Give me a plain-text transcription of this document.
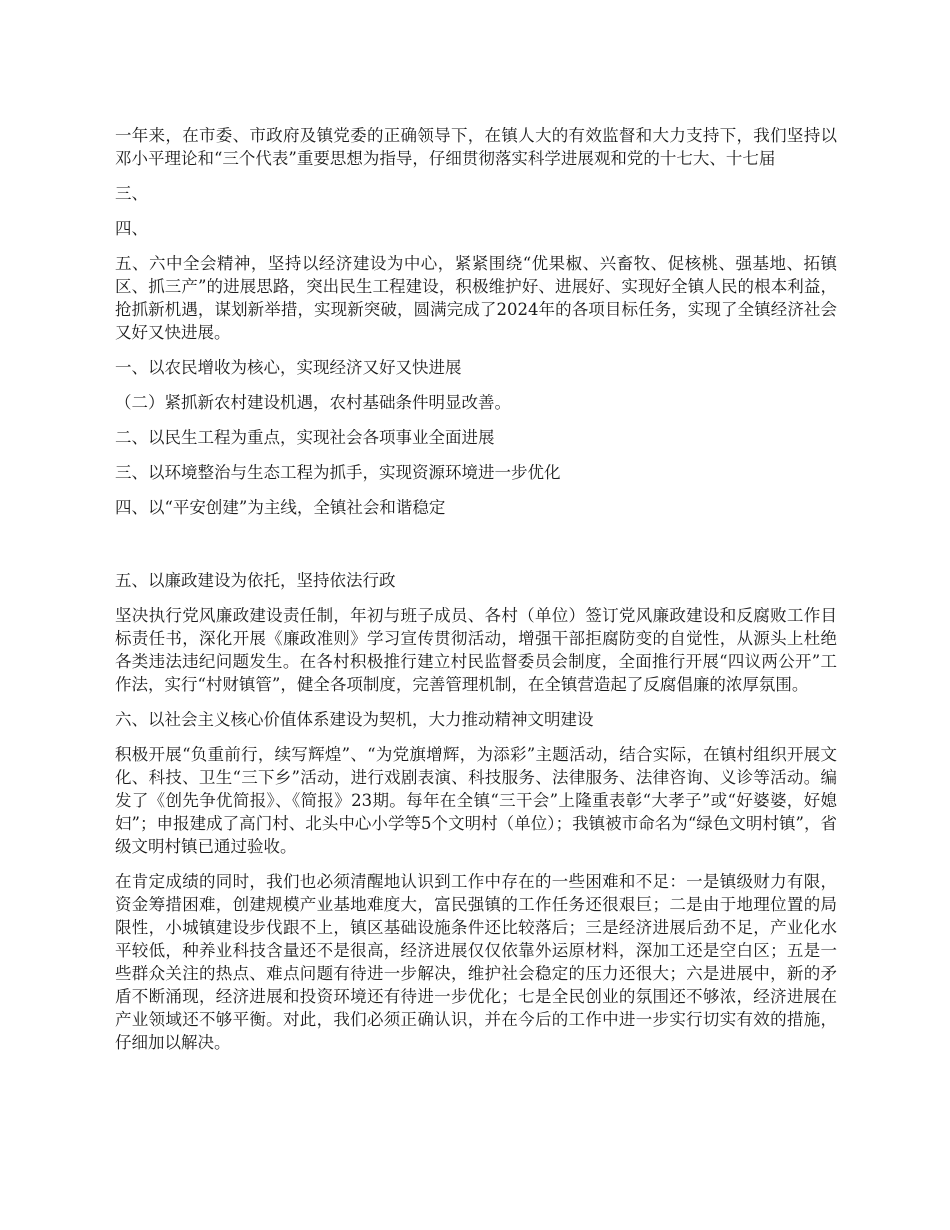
一年来，在市委、市政府及镇党委的正确领导下，在镇人大的有效监督和大力支持下，我们坚持以邓小平理论和“三个代表”重要思想为指导，仔细贯彻落实科学进展观和党的十七大、十七届

三、

四、

五、六中全会精神，坚持以经济建设为中心，紧紧围绕“优果椒、兴畜牧、促核桃、强基地、拓镇区、抓三产”的进展思路，突出民生工程建设，积极维护好、进展好、实现好全镇人民的根本利益，抢抓新机遇，谋划新举措，实现新突破，圆满完成了2024年的各项目标任务，实现了全镇经济社会又好又快进展。

一、以农民增收为核心，实现经济又好又快进展

（二）紧抓新农村建设机遇，农村基础条件明显改善。

二、以民生工程为重点，实现社会各项事业全面进展

三、以环境整治与生态工程为抓手，实现资源环境进一步优化

四、以“平安创建”为主线，全镇社会和谐稳定

五、以廉政建设为依托，坚持依法行政

坚决执行党风廉政建设责任制，年初与班子成员、各村（单位）签订党风廉政建设和反腐败工作目标责任书，深化开展《廉政准则》学习宣传贯彻活动，增强干部拒腐防变的自觉性，从源头上杜绝各类违法违纪问题发生。在各村积极推行建立村民监督委员会制度，全面推行开展“四议两公开”工作法，实行“村财镇管”，健全各项制度，完善管理机制，在全镇营造起了反腐倡廉的浓厚氛围。

六、以社会主义核心价值体系建设为契机，大力推动精神文明建设

积极开展“负重前行，续写辉煌”、“为党旗增辉，为添彩”主题活动，结合实际，在镇村组织开展文化、科技、卫生“三下乡”活动，进行戏剧表演、科技服务、法律服务、法律咨询、义诊等活动。编发了《创先争优简报》、《简报》23期。每年在全镇“三干会”上隆重表彰“大孝子”或“好婆婆，好媳妇”；申报建成了高门村、北头中心小学等5个文明村（单位）；我镇被市命名为“绿色文明村镇”，省级文明村镇已通过验收。

在肯定成绩的同时，我们也必须清醒地认识到工作中存在的一些困难和不足：一是镇级财力有限，资金筹措困难，创建规模产业基地难度大，富民强镇的工作任务还很艰巨；二是由于地理位置的局限性，小城镇建设步伐跟不上，镇区基础设施条件还比较落后；三是经济进展后劲不足，产业化水平较低，种养业科技含量还不是很高，经济进展仅仅依靠外运原材料，深加工还是空白区；五是一些群众关注的热点、难点问题有待进一步解决，维护社会稳定的压力还很大；六是进展中，新的矛盾不断涌现，经济进展和投资环境还有待进一步优化；七是全民创业的氛围还不够浓，经济进展在产业领域还不够平衡。对此，我们必须正确认识，并在今后的工作中进一步实行切实有效的措施，仔细加以解决。
